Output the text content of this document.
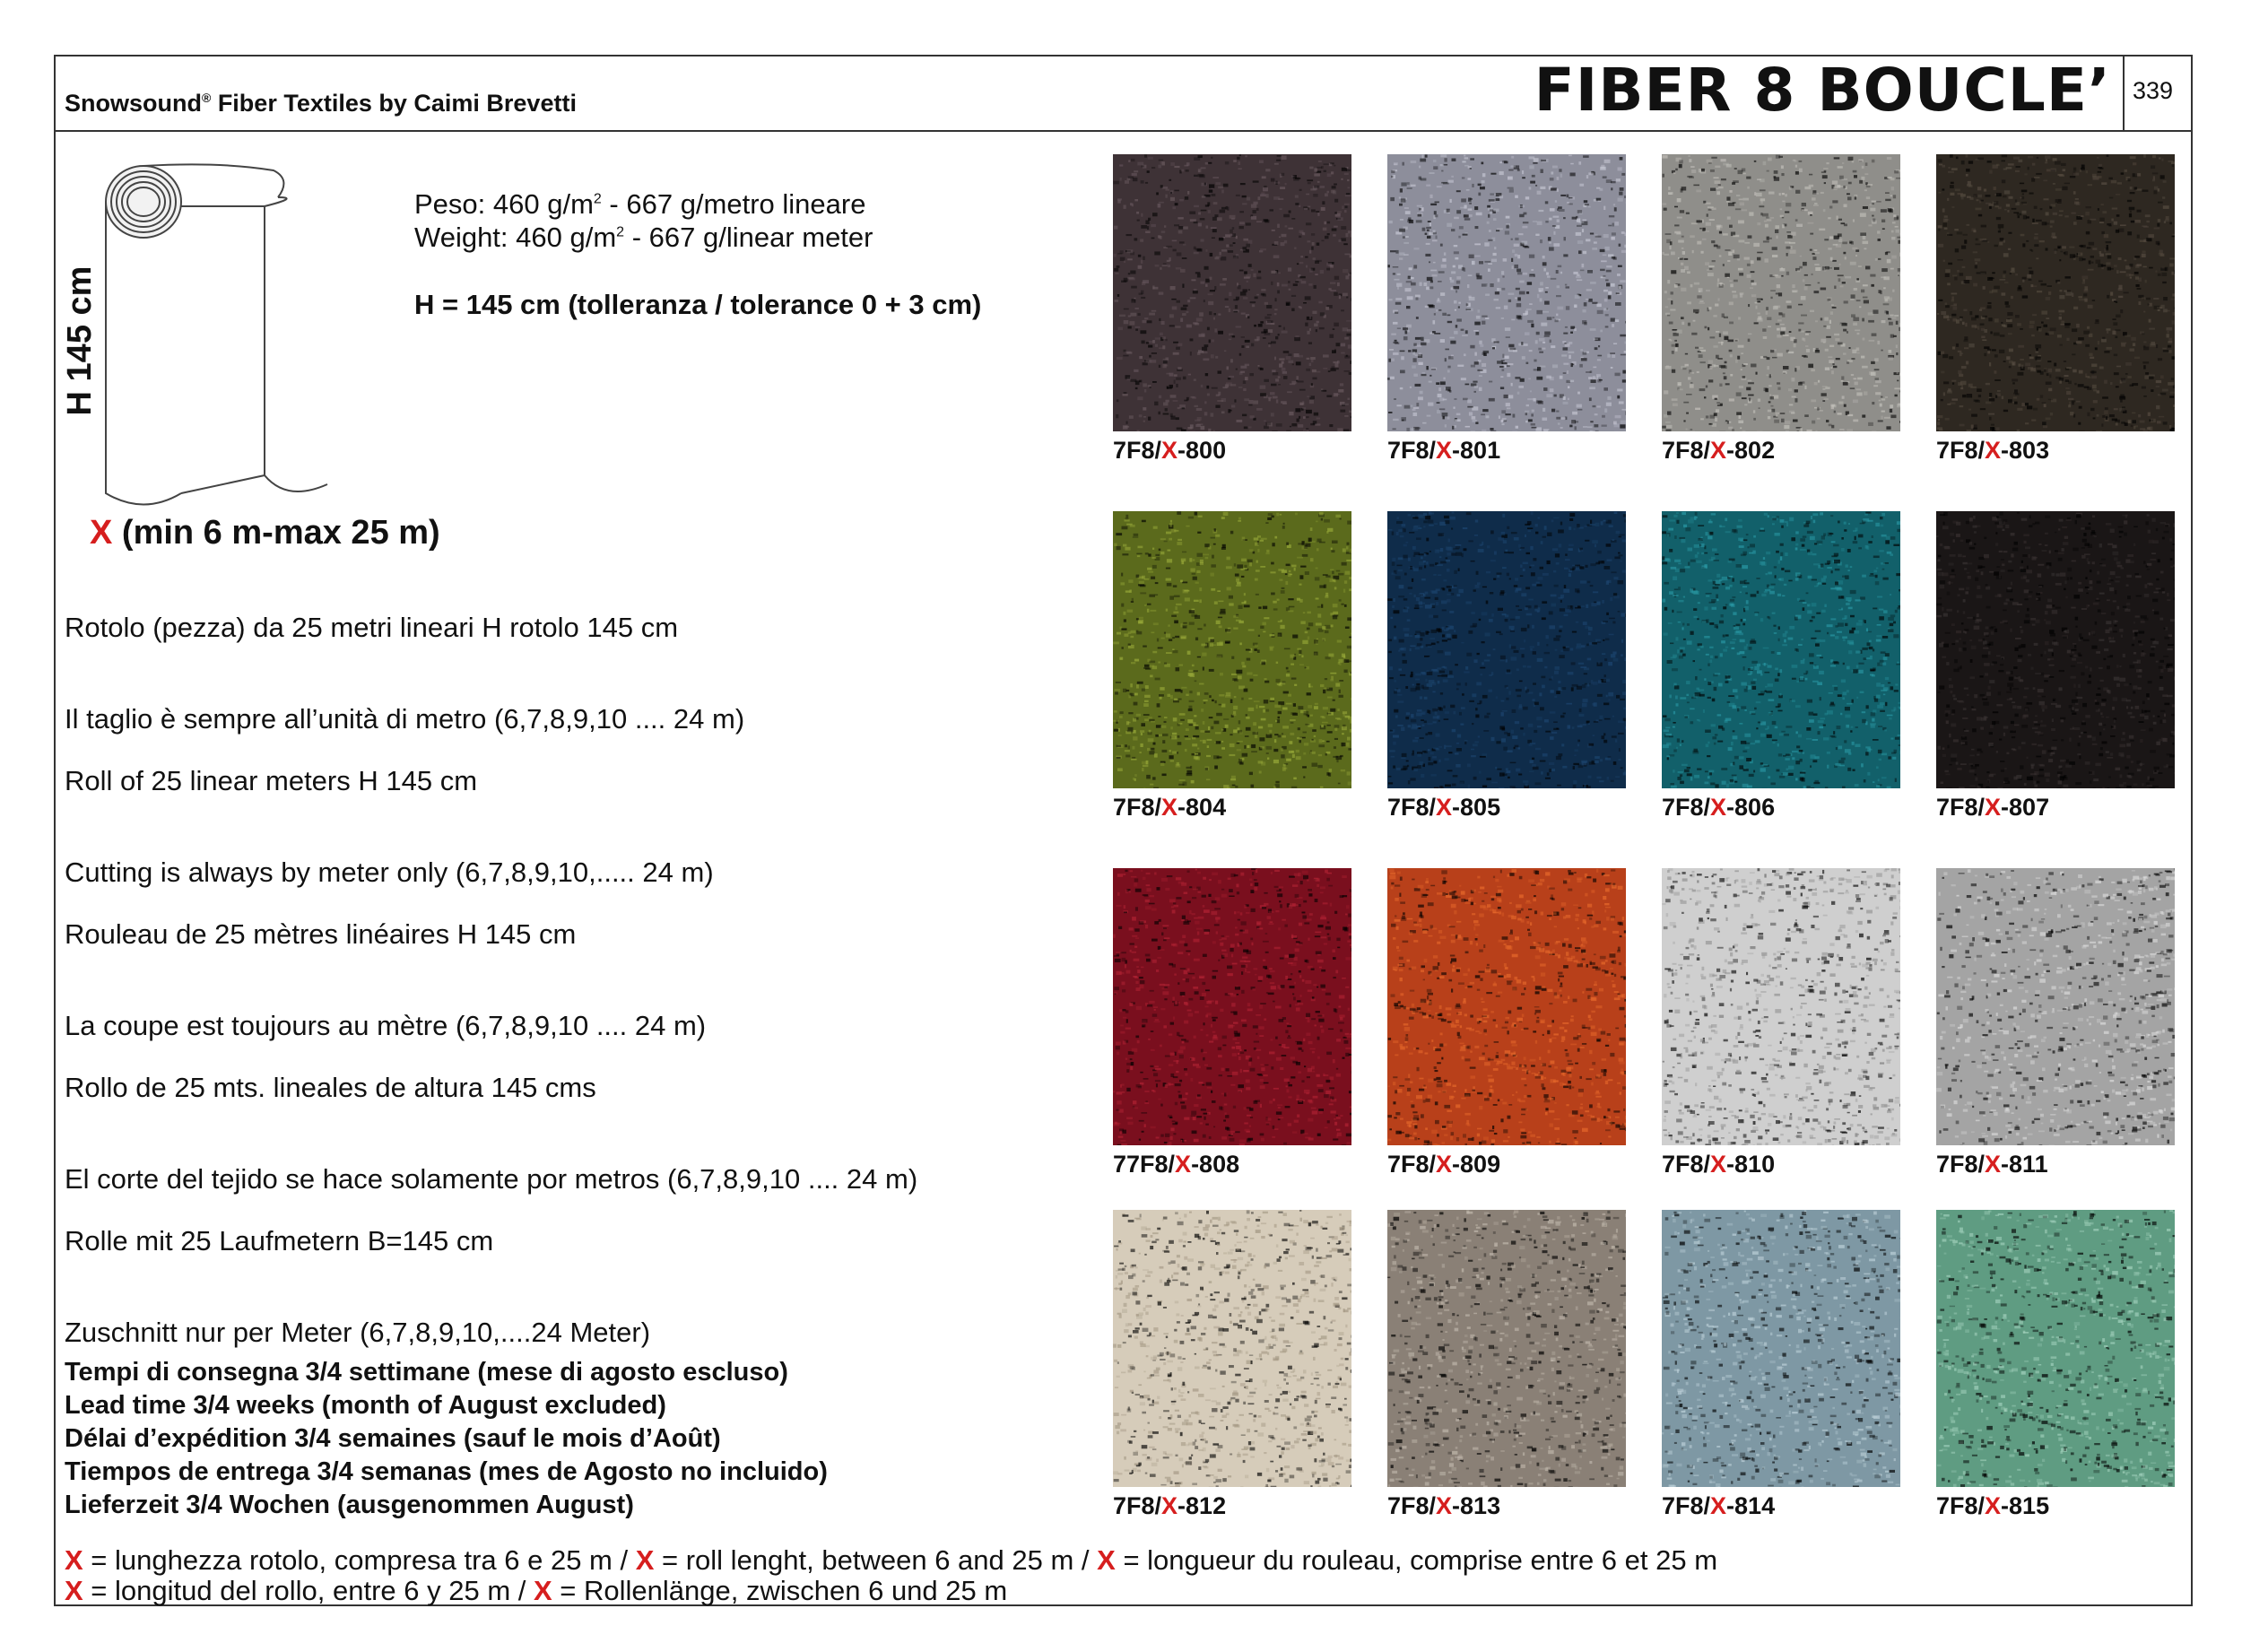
Snowsound® Fiber Textiles by Caimi Brevetti	FIBER 8 BOUCLE’ 339
H 145 cm
X (min 6 m-max 25 m)
Peso: 460 $g/m^2 - 667$ g/metro lineare
Weight: 460 $g/m^2 - 667$ g/linear meter
H = 145 cm (tolleranza / tolerance 0 + 3 cm)
Rotolo (pezza) da 25 metri lineari H rotolo 145 cm
Il taglio è sempre all’unità di metro (6,7,8,9,10 .... 24 m)
Roll of 25 linear meters H 145 cm
Cutting is always by meter only (6,7,8,9,10,..... 24 m)
Rouleau de 25 mètres linéaires H 145 cm
La coupe est toujours au mètre (6,7,8,9,10 .... 24 m)
Rollo de 25 mts. lineales de altura 145 cms
El corte del tejido se hace solamente por metros (6,7,8,9,10 .... 24 m)
Rolle mit 25 Laufmetern B=145 cm
Zuschnitt nur per Meter (6,7,8,9,10,....24 Meter)
Tempi di consegna 3/4 settimane (mese di agosto escluso)
Lead time 3/4 weeks (month of August excluded)
Délai d’expédition 3/4 semaines (sauf le mois d’Août)
Tiempos de entrega 3/4 semanas (mes de Agosto no incluido)
Lieferzeit 3/4 Wochen (ausgenommen August)
X = lunghezza rotolo, compresa tra 6 e 25 m / X = roll lenght, between 6 and 25 m / X = longueur du rouleau, comprise entre 6 et 25 m
X = longitud del rollo, entre 6 y 25 m / X = Rollenlänge, zwischen 6 und 25 m
7F8/X-800	7F8/X-801	7F8/X-802	7F8/X-803
7F8/X-804	7F8/X-805	7F8/X-806	7F8/X-807
77F8/X-808	7F8/X-809	7F8/X-810	7F8/X-811
7F8/X-812	7F8/X-813	7F8/X-814	7F8/X-815
